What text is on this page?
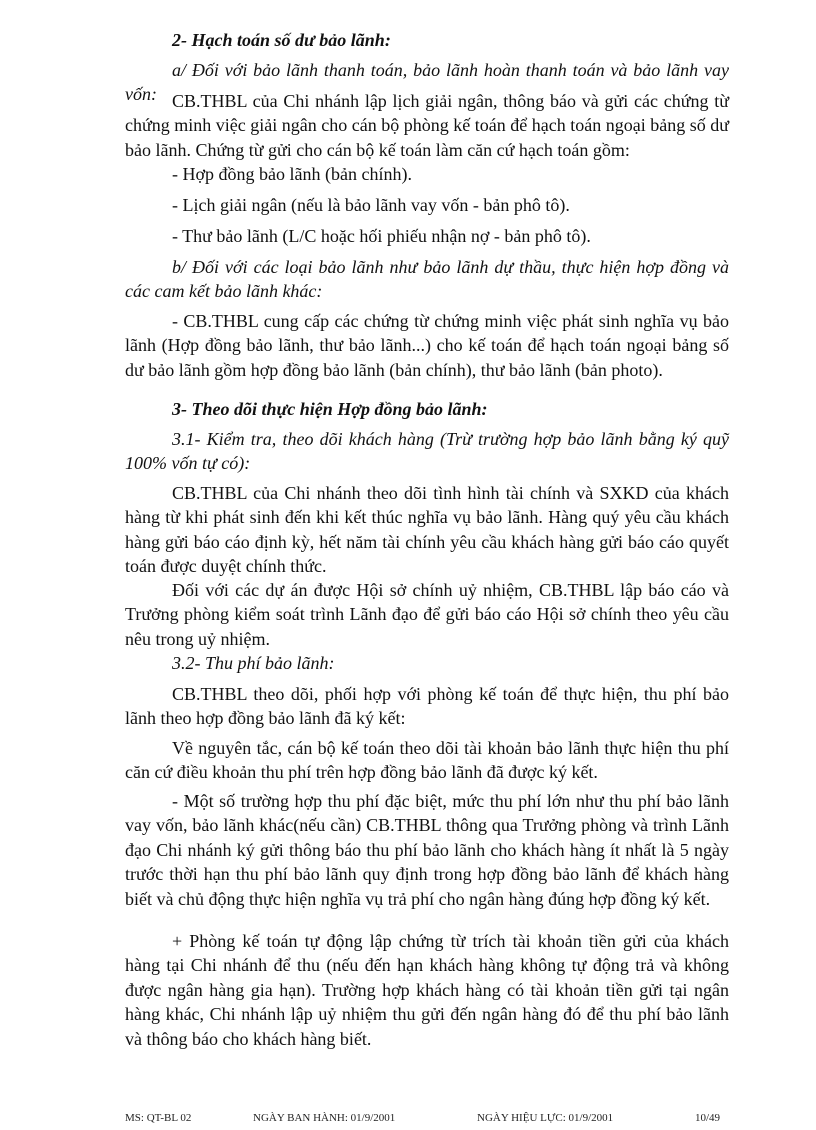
2- Hạch toán số dư bảo lãnh:

a/ Đối với bảo lãnh thanh toán, bảo lãnh hoàn thanh toán và bảo lãnh vay vốn: CB.THBL của Chi nhánh lập lịch giải ngân, thông báo và gửi các chứng từ chứng minh việc giải ngân cho cán bộ phòng kế toán để hạch toán ngoại bảng số dư bảo lãnh. Chứng từ gửi cho cán bộ kế toán làm căn cứ hạch toán gồm:

- Hợp đồng bảo lãnh (bản chính).

- Lịch giải ngân (nếu là bảo lãnh vay vốn - bản phô tô).

- Thư bảo lãnh (L/C hoặc hối phiếu nhận nợ - bản phô tô).

b/ Đối với các loại bảo lãnh như bảo lãnh dự thầu, thực hiện hợp đồng và các cam kết bảo lãnh khác:

- CB.THBL cung cấp các chứng từ chứng minh việc phát sinh nghĩa vụ bảo lãnh (Hợp đồng bảo lãnh, thư bảo lãnh...) cho kế toán để hạch toán ngoại bảng số dư bảo lãnh gồm hợp đồng bảo lãnh (bản chính), thư bảo lãnh (bản photo).

3- Theo dõi thực hiện Hợp đồng bảo lãnh:

3.1- Kiểm tra, theo dõi khách hàng (Trừ trường hợp bảo lãnh bằng ký quỹ 100% vốn tự có):

CB.THBL của Chi nhánh theo dõi tình hình tài chính và SXKD của khách hàng từ khi phát sinh đến khi kết thúc nghĩa vụ bảo lãnh. Hàng quý yêu cầu khách hàng gửi báo cáo định kỳ, hết năm tài chính yêu cầu khách hàng gửi báo cáo quyết toán được duyệt chính thức.

Đối với các dự án được Hội sở chính uỷ nhiệm, CB.THBL lập báo cáo và Trưởng phòng kiểm soát trình Lãnh đạo để gửi báo cáo Hội sở chính theo yêu cầu nêu trong uỷ nhiệm.

3.2- Thu phí bảo lãnh:

CB.THBL theo dõi, phối hợp với phòng kế toán để thực hiện, thu phí bảo lãnh theo hợp đồng bảo lãnh đã ký kết:

Về nguyên tắc, cán bộ kế toán theo dõi tài khoản bảo lãnh thực hiện thu phí căn cứ điều khoản thu phí trên hợp đồng bảo lãnh đã được ký kết.

- Một số trường hợp thu phí đặc biệt, mức thu phí lớn như thu phí bảo lãnh vay vốn, bảo lãnh khác(nếu cần) CB.THBL thông qua Trưởng phòng và trình Lãnh đạo Chi nhánh ký gửi thông báo thu phí bảo lãnh cho khách hàng ít nhất là 5 ngày trước thời hạn thu phí bảo lãnh quy định trong hợp đồng bảo lãnh để khách hàng biết và chủ động thực hiện nghĩa vụ trả phí cho ngân hàng đúng hợp đồng ký kết.

+ Phòng kế toán tự động lập chứng từ trích tài khoản tiền gửi của khách hàng tại Chi nhánh để thu (nếu đến hạn khách hàng không tự động trả và không được ngân hàng gia hạn). Trường hợp khách hàng có tài khoản tiền gửi tại ngân hàng khác, Chi nhánh lập uỷ nhiệm thu gửi đến ngân hàng đó để thu phí bảo lãnh và thông báo cho khách hàng biết.

MS: QT-BL 02	NGÀY BAN HÀNH: 01/9/2001	NGÀY HIỆU LỰC: 01/9/2001	10/49
